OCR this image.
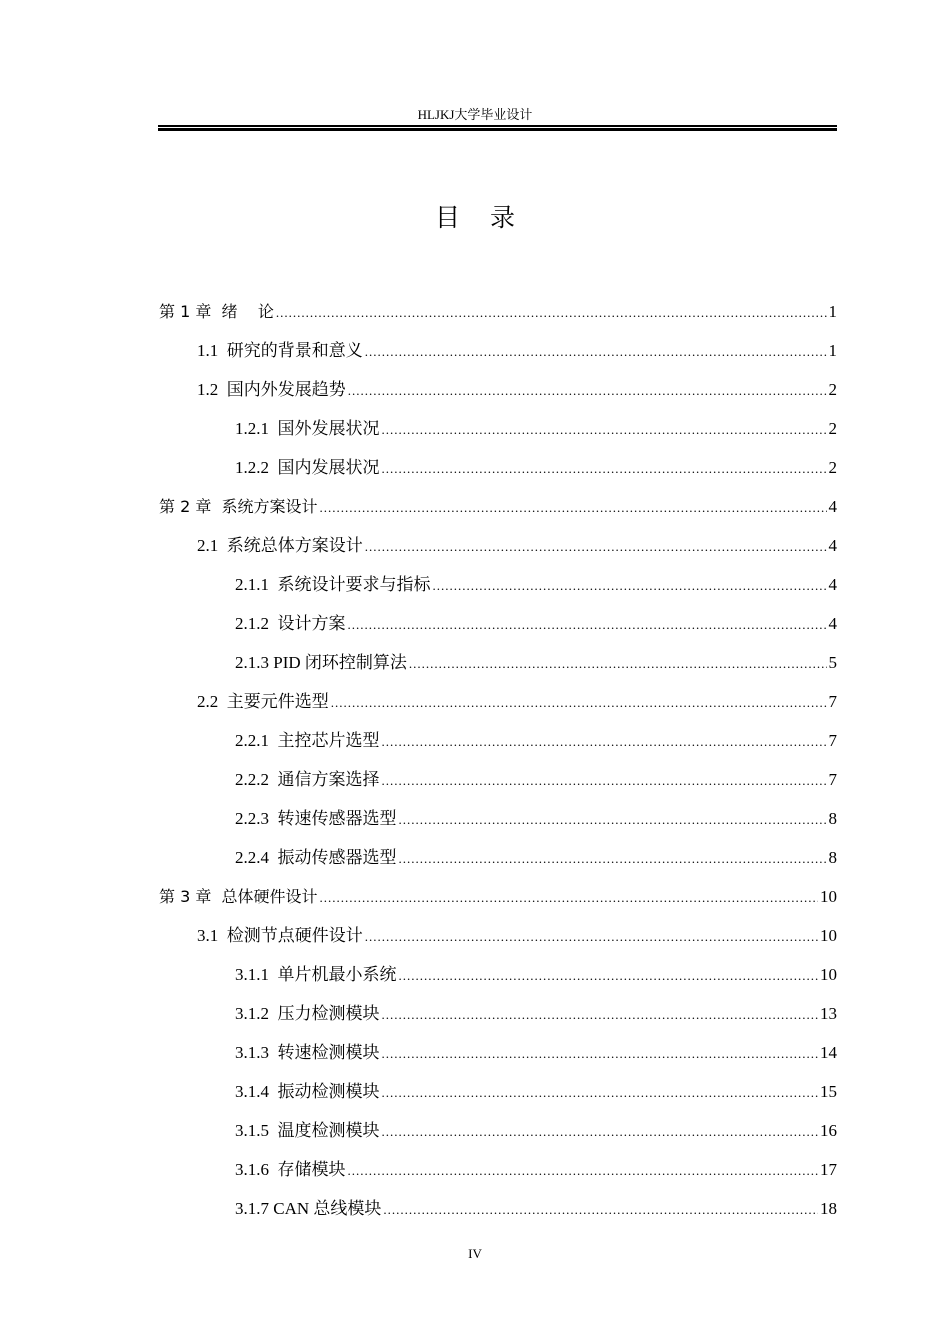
HLJKJ大学毕业设计
目录
第 1 章  绪    论 .....	1
1.1  研究的背景和意义 .....	1
1.2  国内外发展趋势 .....	2
1.2.1  国外发展状况 .....	2
1.2.2  国内发展状况 .....	2
第 2 章  系统方案设计 .....	4
2.1  系统总体方案设计 .....	4
2.1.1  系统设计要求与指标 .....	4
2.1.2  设计方案 .....	4
2.1.3 PID 闭环控制算法 .....	5
2.2  主要元件选型 .....	7
2.2.1  主控芯片选型 .....	7
2.2.2  通信方案选择 .....	7
2.2.3  转速传感器选型 .....	8
2.2.4  振动传感器选型 .....	8
第 3 章  总体硬件设计 .....	10
3.1  检测节点硬件设计 .....	10
3.1.1  单片机最小系统 .....	10
3.1.2  压力检测模块 .....	13
3.1.3  转速检测模块 .....	14
3.1.4  振动检测模块 .....	15
3.1.5  温度检测模块 .....	16
3.1.6  存储模块 .....	17
3.1.7 CAN 总线模块 .....	18
IV
